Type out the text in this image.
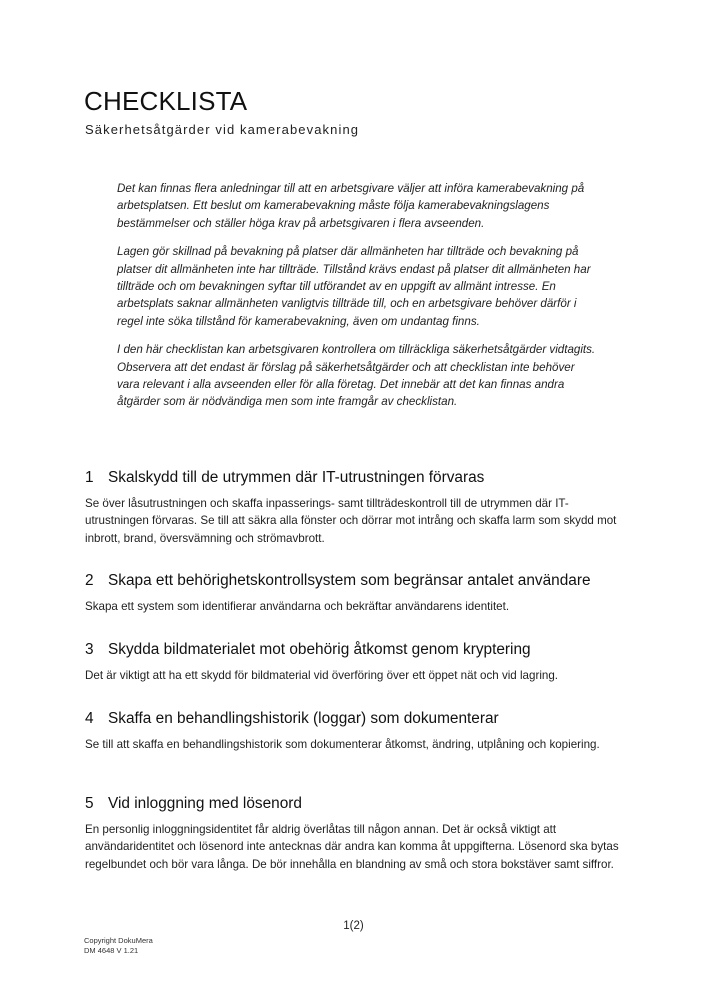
CHECKLISTA
Säkerhetsåtgärder vid kamerabevakning

Det kan finnas flera anledningar till att en arbetsgivare väljer att införa kamerabevakning på arbetsplatsen. Ett beslut om kamerabevakning måste följa kamerabevakningslagens bestämmelser och ställer höga krav på arbetsgivaren i flera avseenden.

Lagen gör skillnad på bevakning på platser där allmänheten har tillträde och bevakning på platser dit allmänheten inte har tillträde. Tillstånd krävs endast på platser dit allmänheten har tillträde och om bevakningen syftar till utförandet av en uppgift av allmänt intresse. En arbetsplats saknar allmänheten vanligtvis tillträde till, och en arbetsgivare behöver därför i regel inte söka tillstånd för kamerabevakning, även om undantag finns.

I den här checklistan kan arbetsgivaren kontrollera om tillräckliga säkerhetsåtgärder vidtagits. Observera att det endast är förslag på säkerhetsåtgärder och att checklistan inte behöver vara relevant i alla avseenden eller för alla företag. Det innebär att det kan finnas andra åtgärder som är nödvändiga men som inte framgår av checklistan.

1 Skalskydd till de utrymmen där IT-utrustningen förvaras

Se över låsutrustningen och skaffa inpasserings- samt tillträdeskontroll till de utrymmen där IT-utrustningen förvaras. Se till att säkra alla fönster och dörrar mot intrång och skaffa larm som skydd mot inbrott, brand, översvämning och strömavbrott.

2 Skapa ett behörighetskontrollsystem som begränsar antalet användare

Skapa ett system som identifierar användarna och bekräftar användarens identitet.

3 Skydda bildmaterialet mot obehörig åtkomst genom kryptering

Det är viktigt att ha ett skydd för bildmaterial vid överföring över ett öppet nät och vid lagring.

4 Skaffa en behandlingshistorik (loggar) som dokumenterar

Se till att skaffa en behandlingshistorik som dokumenterar åtkomst, ändring, utplåning och kopiering.

5 Vid inloggning med lösenord

En personlig inloggningsidentitet får aldrig överlåtas till någon annan. Det är också viktigt att användaridentitet och lösenord inte antecknas där andra kan komma åt uppgifterna. Lösenord ska bytas regelbundet och bör vara långa. De bör innehålla en blandning av små och stora bokstäver samt siffror.

1(2)
Copyright DokuMera
DM 4648 V 1.21
